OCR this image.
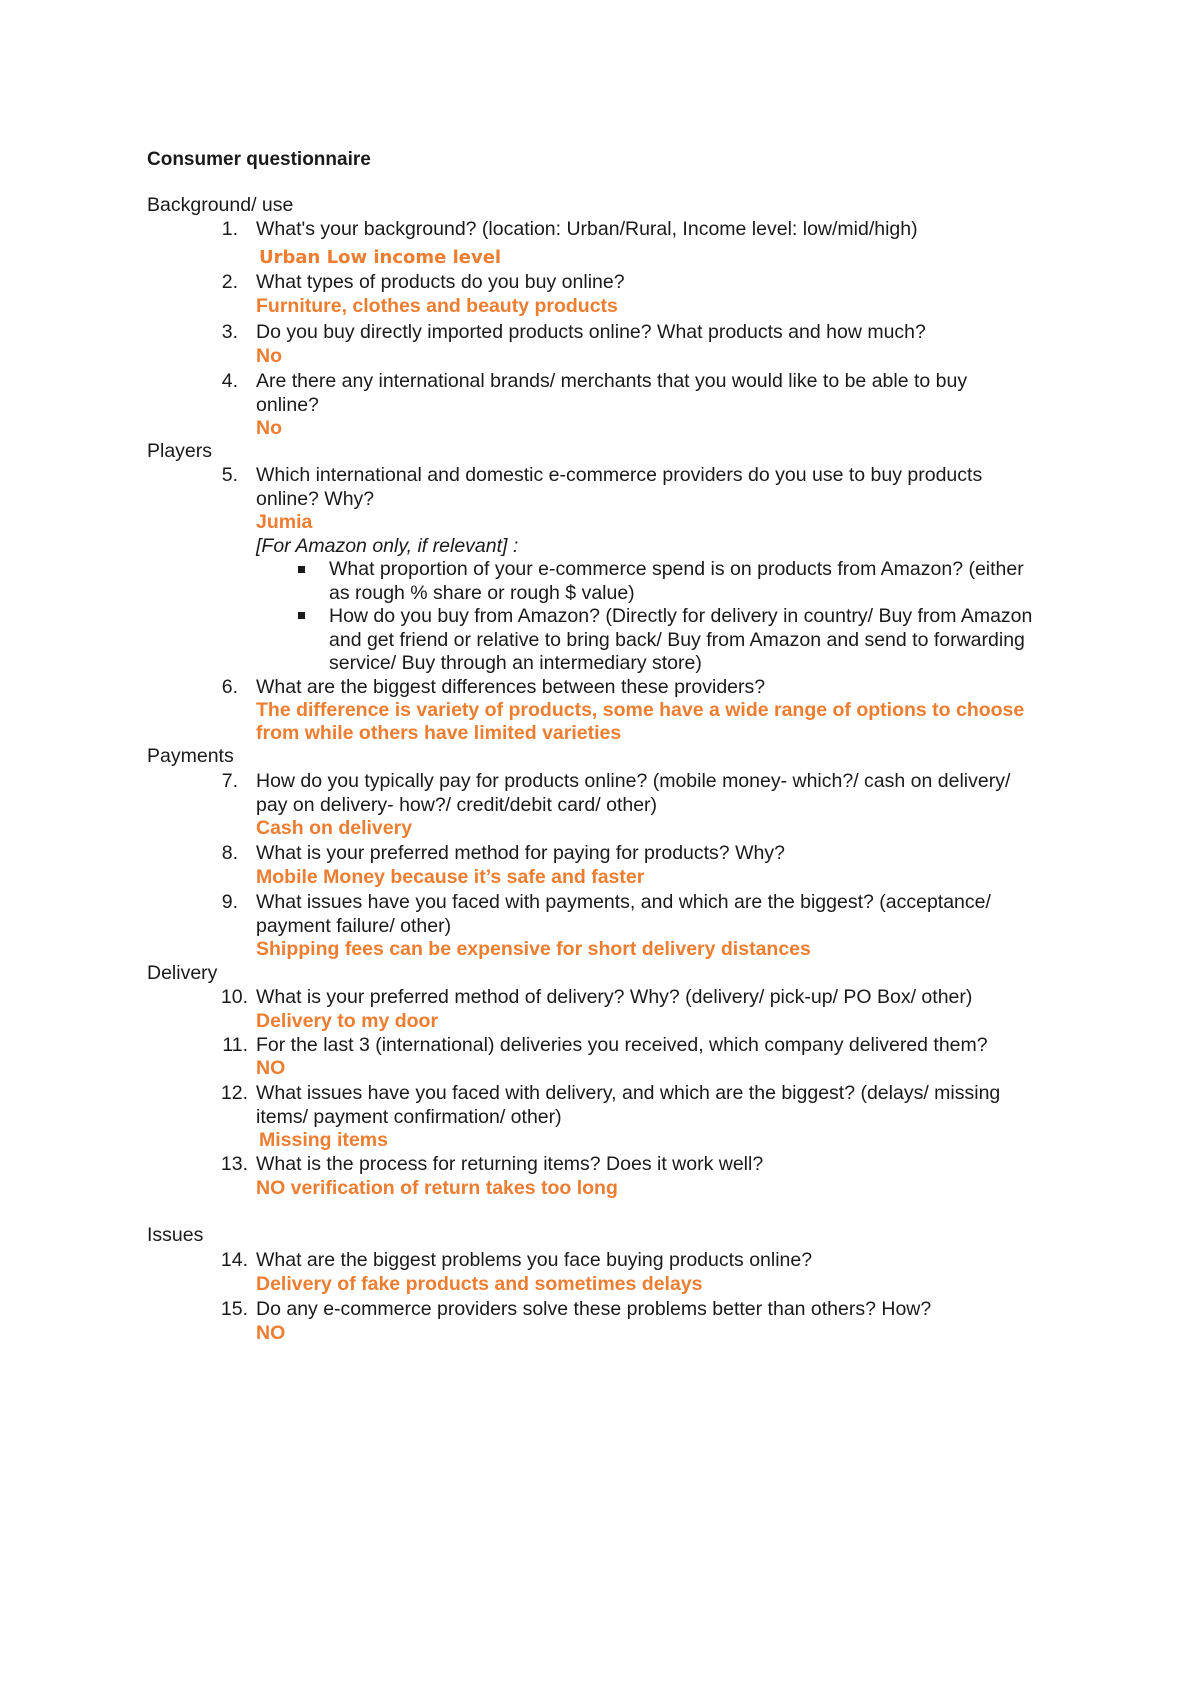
Consumer questionnaire
Background/ use
1. What's your background? (location: Urban/Rural, Income level: low/mid/high)
Urban Low income level
2. What types of products do you buy online?
Furniture, clothes and beauty products
3. Do you buy directly imported products online? What products and how much?
No
4. Are there any international brands/ merchants that you would like to be able to buy
online?
No
Players
5. Which international and domestic e-commerce providers do you use to buy products
online? Why?
Jumia
[For Amazon only, if relevant] :
What proportion of your e-commerce spend is on products from Amazon? (either
as rough % share or rough $ value)
How do you buy from Amazon? (Directly for delivery in country/ Buy from Amazon
and get friend or relative to bring back/ Buy from Amazon and send to forwarding
service/ Buy through an intermediary store)
6. What are the biggest differences between these providers?
The difference is variety of products, some have a wide range of options to choose
from while others have limited varieties
Payments
7. How do you typically pay for products online? (mobile money- which?/ cash on delivery/
pay on delivery- how?/ credit/debit card/ other)
Cash on delivery
8. What is your preferred method for paying for products? Why?
Mobile Money because it’s safe and faster
9. What issues have you faced with payments, and which are the biggest? (acceptance/
payment failure/ other)
Shipping fees can be expensive for short delivery distances
Delivery
10. What is your preferred method of delivery? Why? (delivery/ pick-up/ PO Box/ other)
Delivery to my door
11. For the last 3 (international) deliveries you received, which company delivered them?
NO
12. What issues have you faced with delivery, and which are the biggest? (delays/ missing
items/ payment confirmation/ other)
Missing items
13. What is the process for returning items? Does it work well?
NO verification of return takes too long
Issues
14. What are the biggest problems you face buying products online?
Delivery of fake products and sometimes delays
15. Do any e-commerce providers solve these problems better than others? How?
NO
